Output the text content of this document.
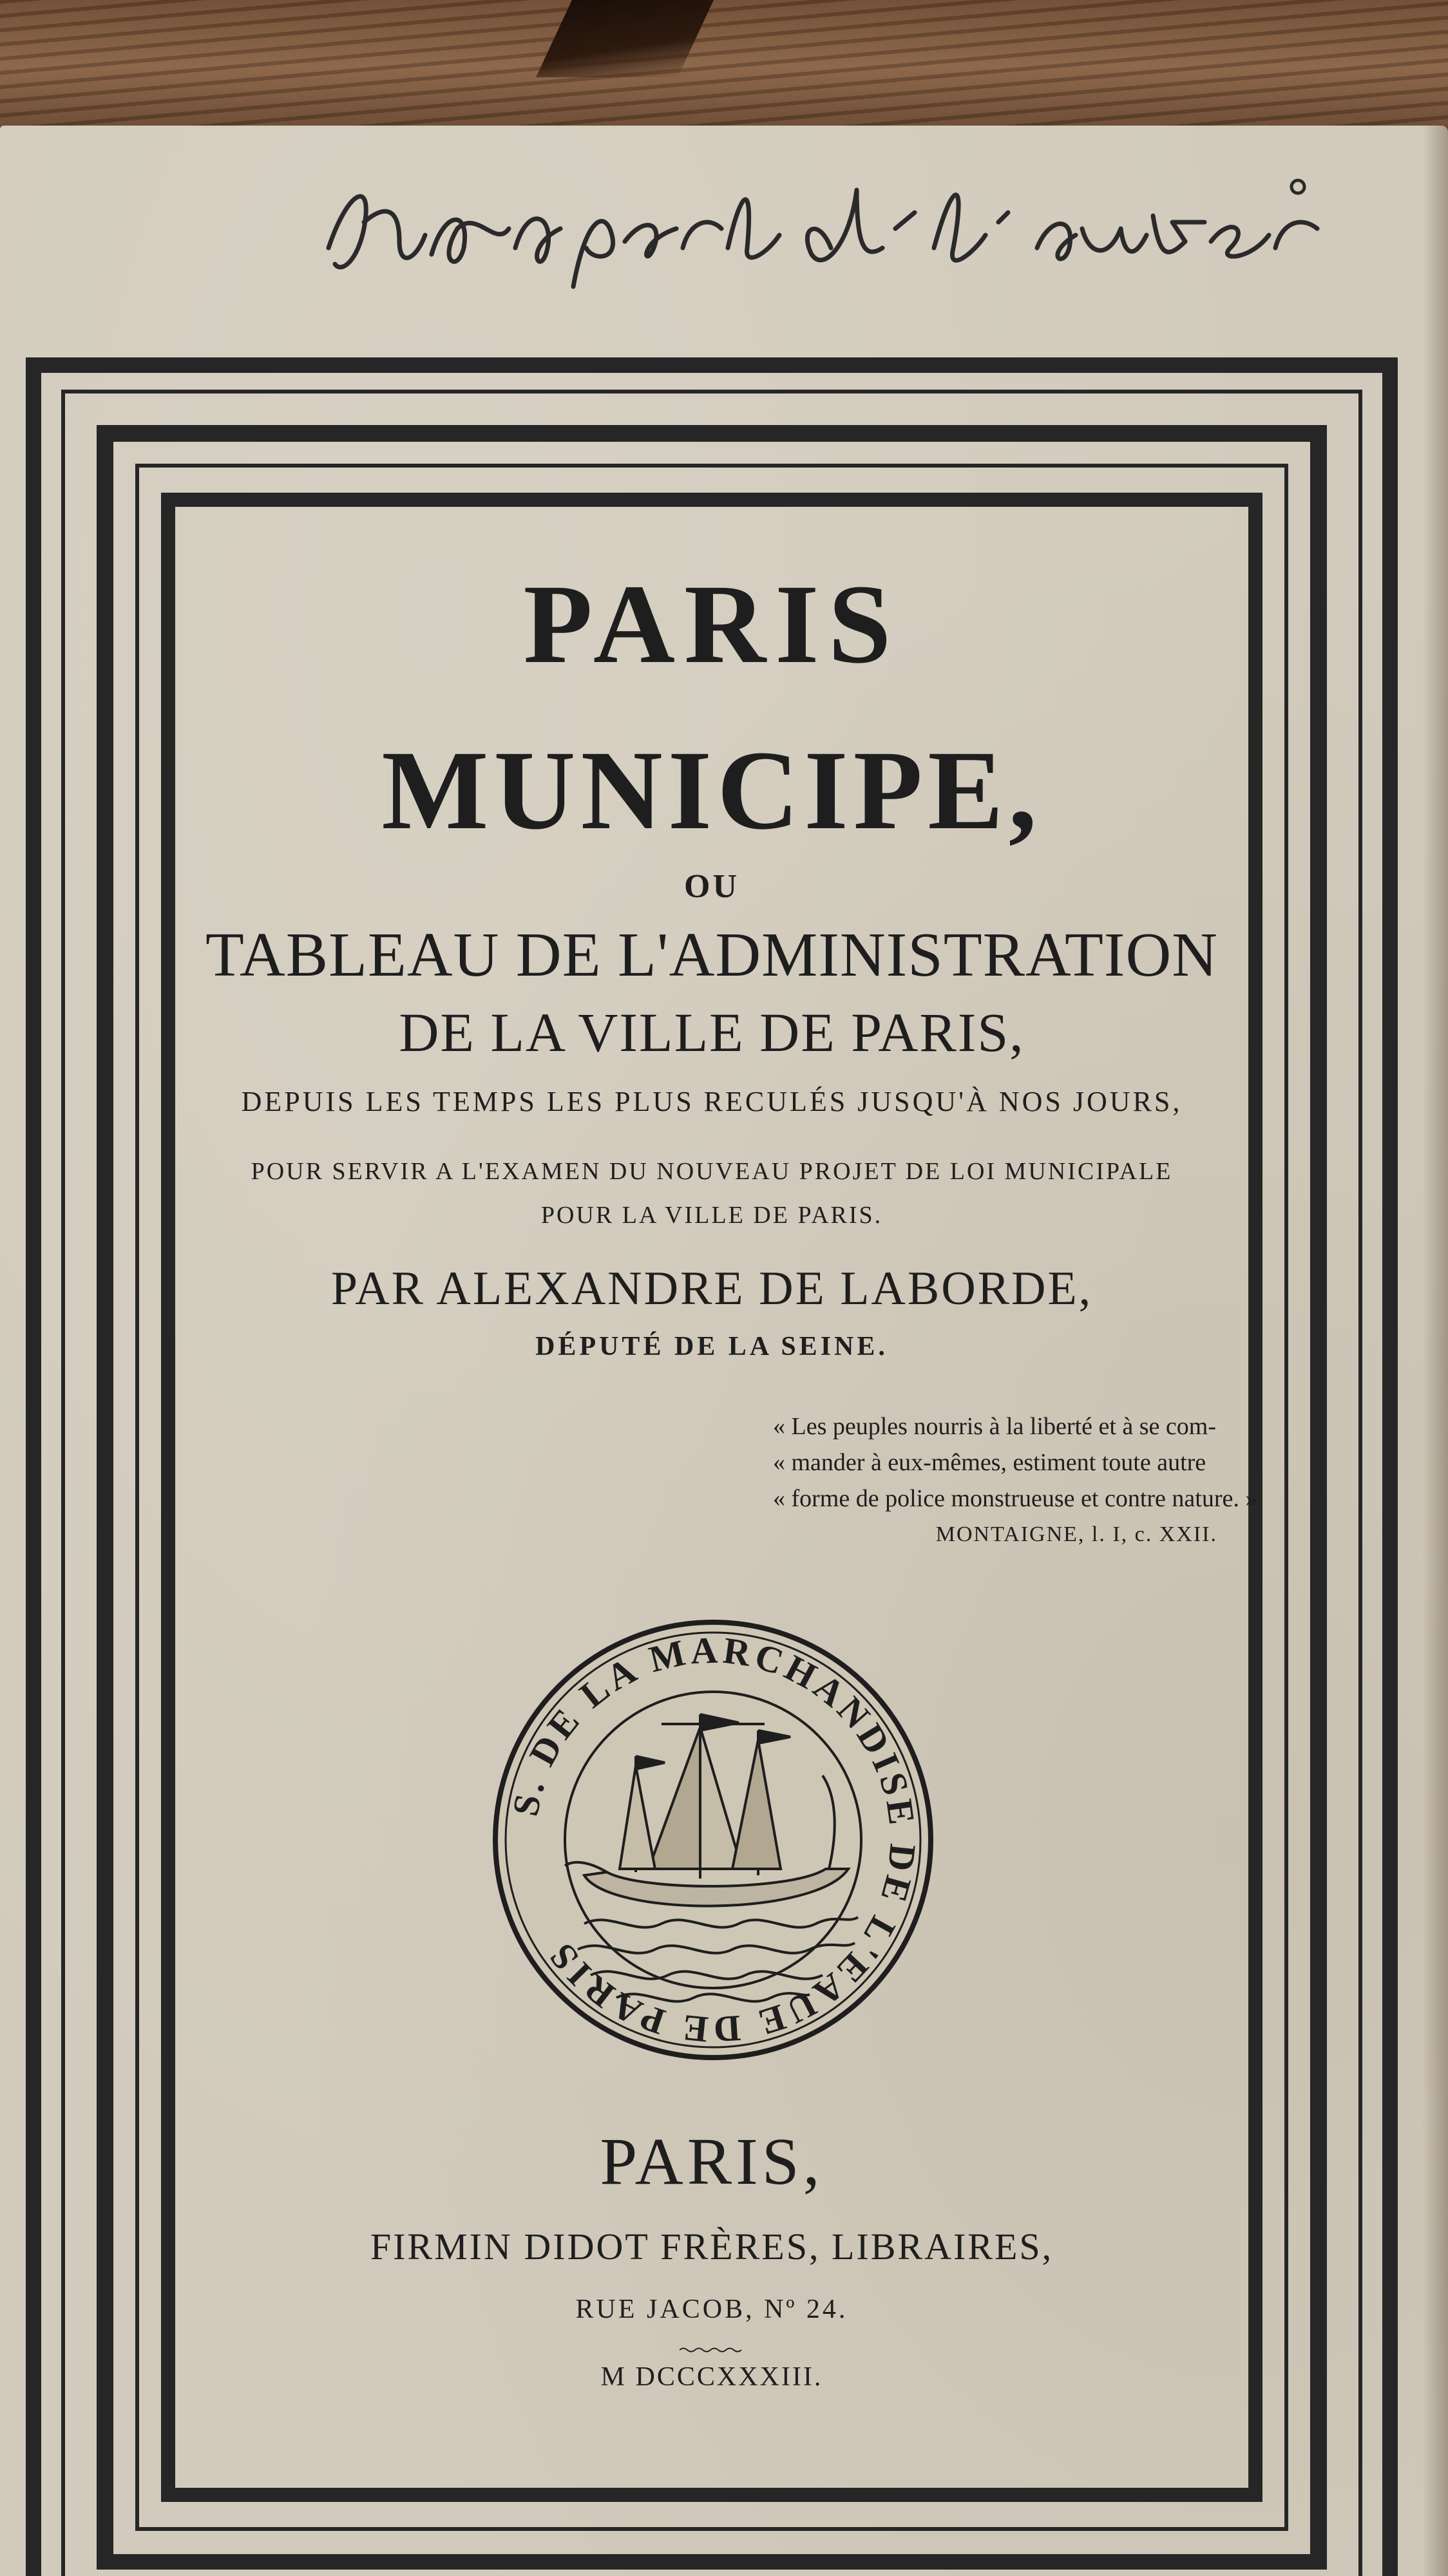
Hommage de l'auteur
PARIS
MUNICIPE,
OU
TABLEAU DE L'ADMINISTRATION
DE LA VILLE DE PARIS,
DEPUIS LES TEMPS LES PLUS RECULÉS JUSQU'À NOS JOURS,
POUR SERVIR A L'EXAMEN DU NOUVEAU PROJET DE LOI MUNICIPALE
POUR LA VILLE DE PARIS.
PAR ALEXANDRE DE LABORDE,
DÉPUTÉ DE LA SEINE.
« Les peuples nourris à la liberté et à se com-
« mander à eux-mêmes, estiment toute autre
« forme de police monstrueuse et contre nature. »
MONTAIGNE, l. I, c. XXII.
S. DE LA MARCHANDISE DE L'EAUE DE PARIS
PARIS,
FIRMIN DIDOT FRÈRES, LIBRAIRES,
RUE JACOB, Nº 24.
M DCCCXXXIII.
